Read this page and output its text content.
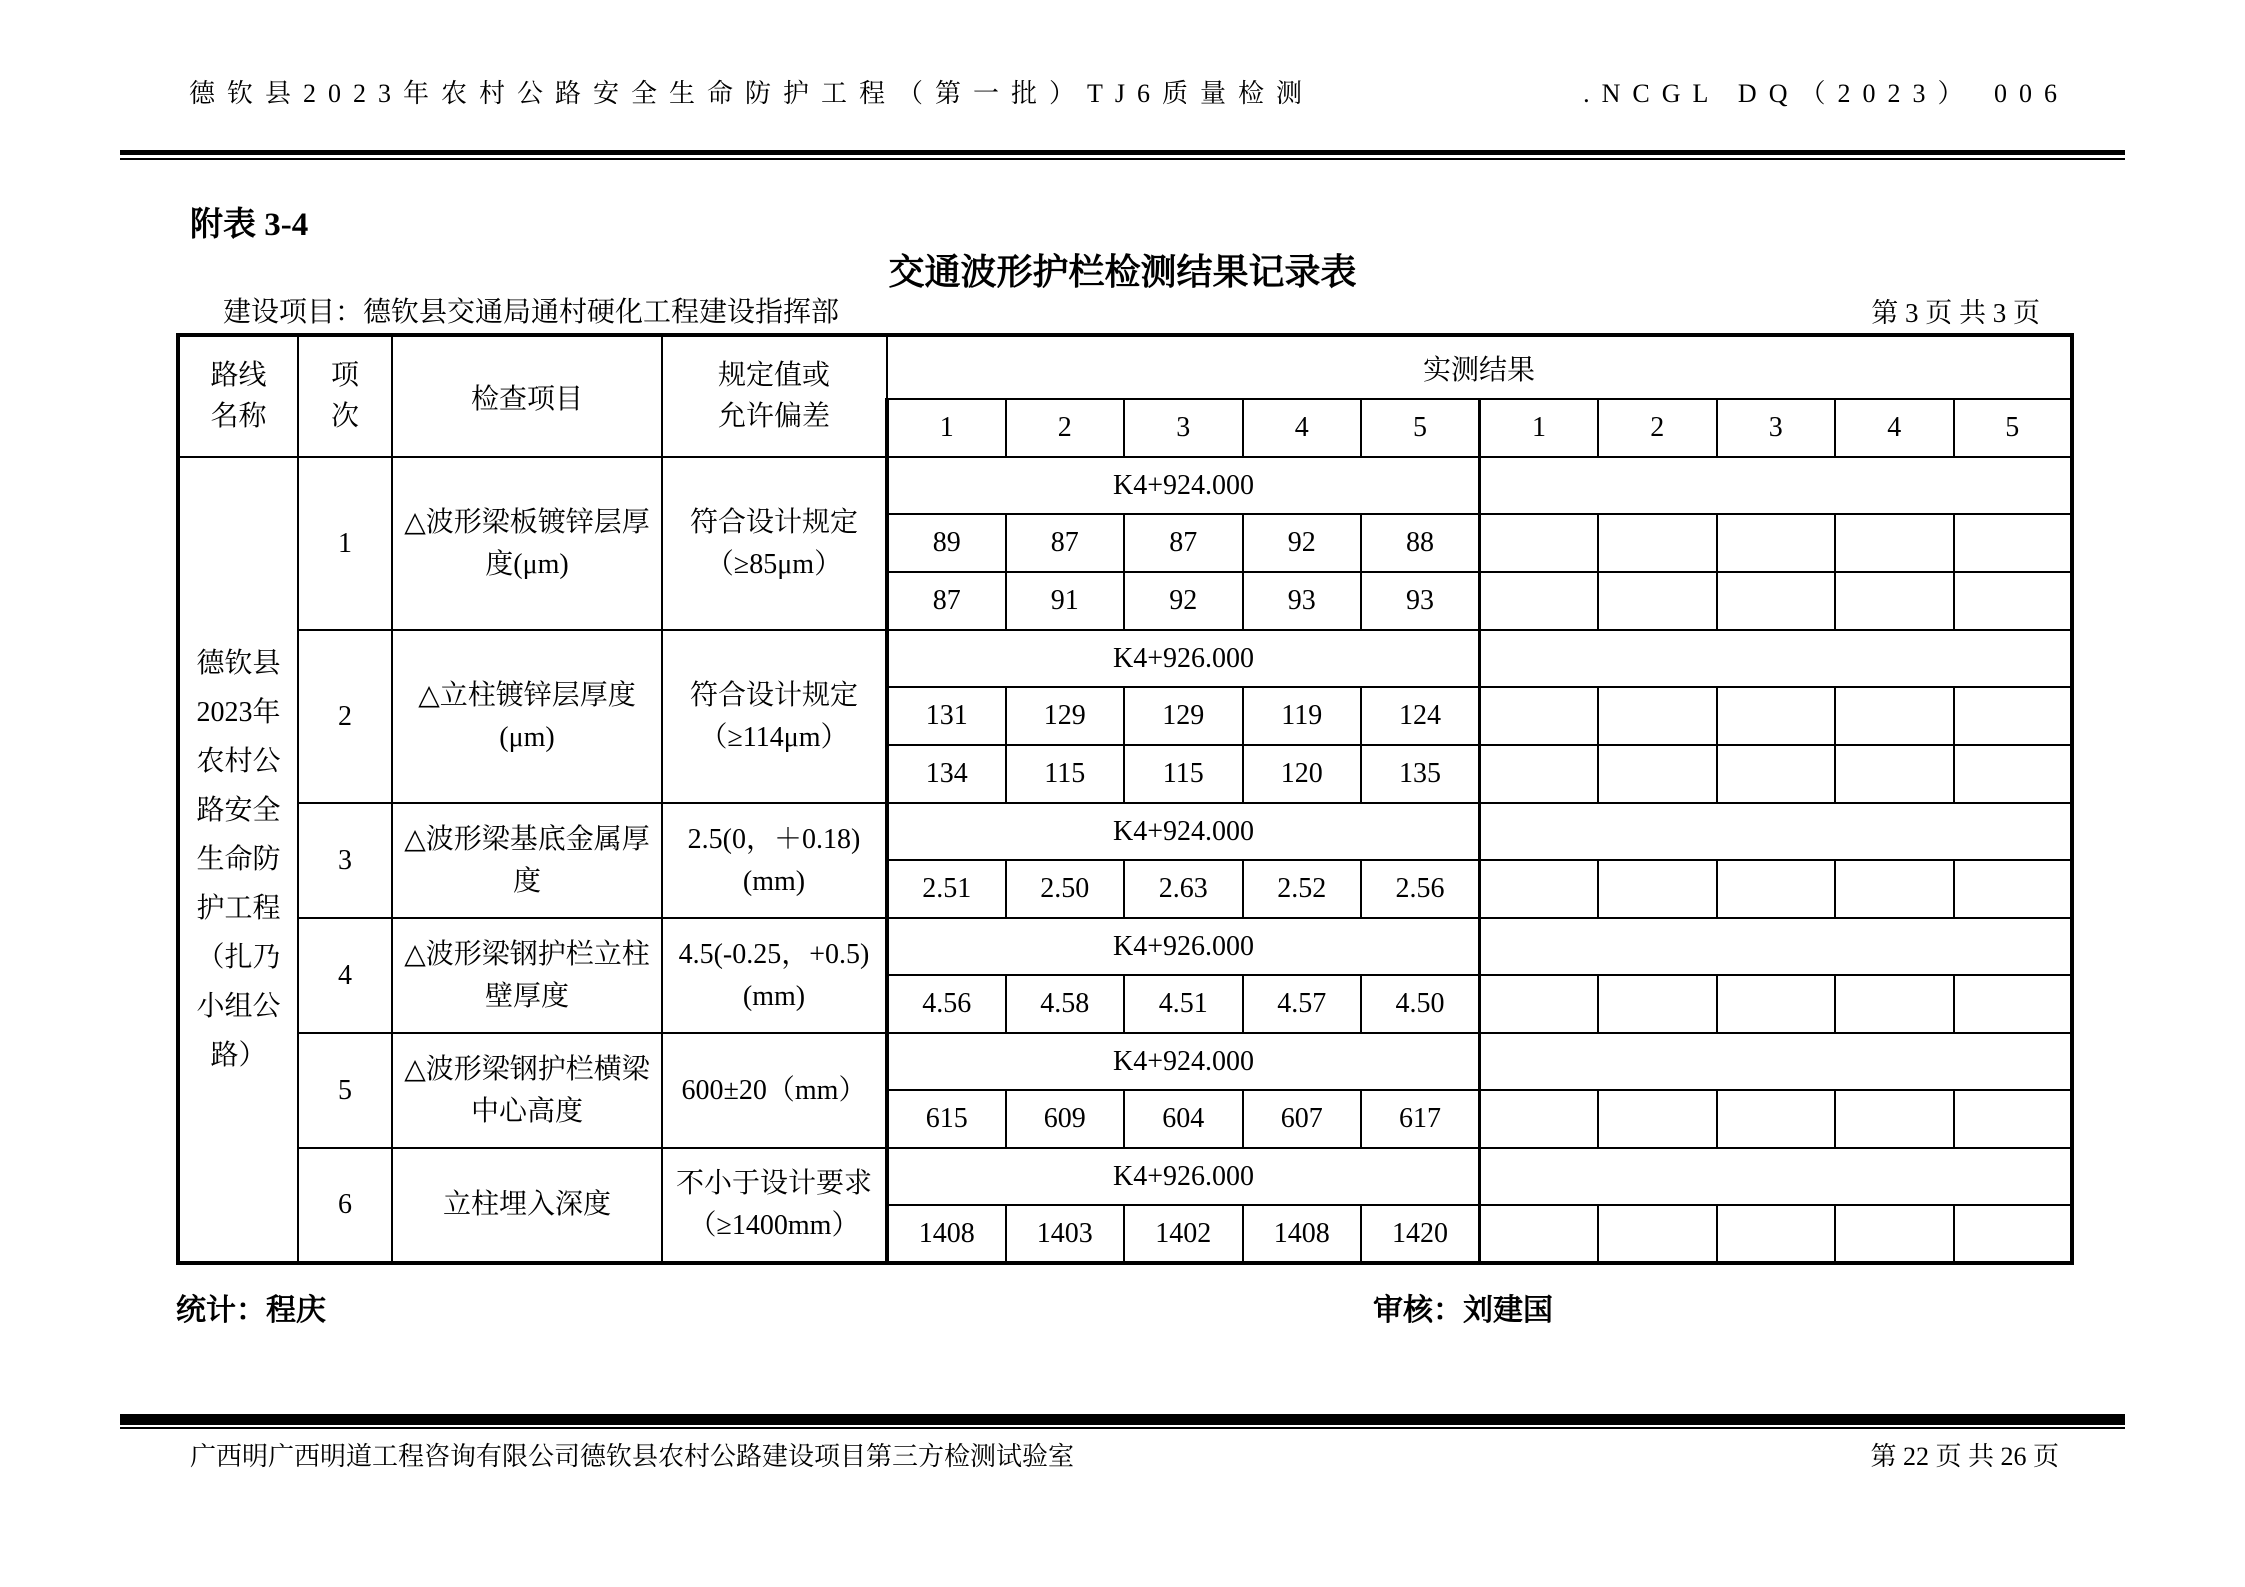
德钦县2023年农村公路安全生命防护工程（第一批）TJ6质量检测	.NCGL DQ（2023） 006
附表 3-4
交通波形护栏检测结果记录表
建设项目：德钦县交通局通村硬化工程建设指挥部	第 3 页 共 3 页
路线名称	项次	检查项目	规定值或允许偏差	实测结果									
				1	2	3	4	5	1	2	3	4	5
德钦县2023年农村公路安全生命防护工程（扎乃小组公路）	1	△波形梁板镀锌层厚度(μm)	符合设计规定（≥85μm）	K4+924.000									
				89	87	87	92	88					
				87	91	92	93	93					
	2	△立柱镀锌层厚度(μm)	符合设计规定（≥114μm）	K4+926.000									
				131	129	129	119	124					
				134	115	115	120	135					
	3	△波形梁基底金属厚度	2.5(0，＋0.18)(mm)	K4+924.000									
				2.51	2.50	2.63	2.52	2.56					
	4	△波形梁钢护栏立柱壁厚度	4.5(-0.25，+0.5)(mm)	K4+926.000									
				4.56	4.58	4.51	4.57	4.50					
	5	△波形梁钢护栏横梁中心高度	600±20（mm）	K4+924.000									
				615	609	604	607	617					
	6	立柱埋入深度	不小于设计要求（≥1400mm）	K4+926.000									
				1408	1403	1402	1408	1420					
统计：程庆	审核：刘建国
广西明广西明道工程咨询有限公司德钦县农村公路建设项目第三方检测试验室	第 22 页 共 26 页
